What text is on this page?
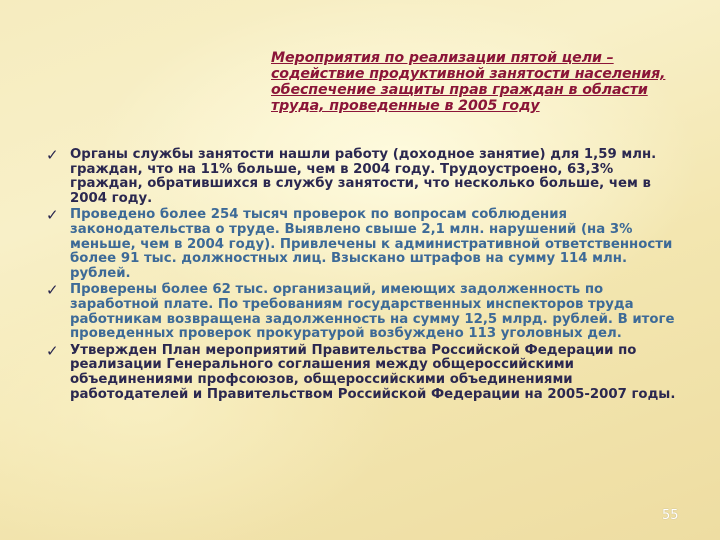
Мероприятия по реализации пятой цели – содействие продуктивной занятости населения, обеспечение защиты прав граждан в области труда, проведенные в 2005 году
✓ Органы службы занятости нашли работу (доходное занятие) для 1,59 млн. граждан, что на 11% больше, чем в 2004 году. Трудоустроено, 63,3% граждан, обратившихся в службу занятости, что несколько больше, чем в 2004 году.
✓ Проведено более 254 тысяч проверок по вопросам соблюдения законодательства о труде. Выявлено свыше 2,1 млн. нарушений (на 3% меньше, чем в 2004 году). Привлечены к административной ответственности более 91 тыс. должностных лиц. Взыскано штрафов на сумму 114 млн. рублей.
✓ Проверены более 62 тыс. организаций, имеющих задолженность по заработной плате. По требованиям государственных инспекторов труда работникам возвращена задолженность на сумму 12,5 млрд. рублей. В итоге проведенных проверок прокуратурой возбуждено 113 уголовных дел.
✓ Утвержден План мероприятий Правительства Российской Федерации по реализации Генерального соглашения между общероссийскими объединениями профсоюзов, общероссийскими объединениями работодателей и Правительством Российской Федерации на 2005-2007 годы.
55
